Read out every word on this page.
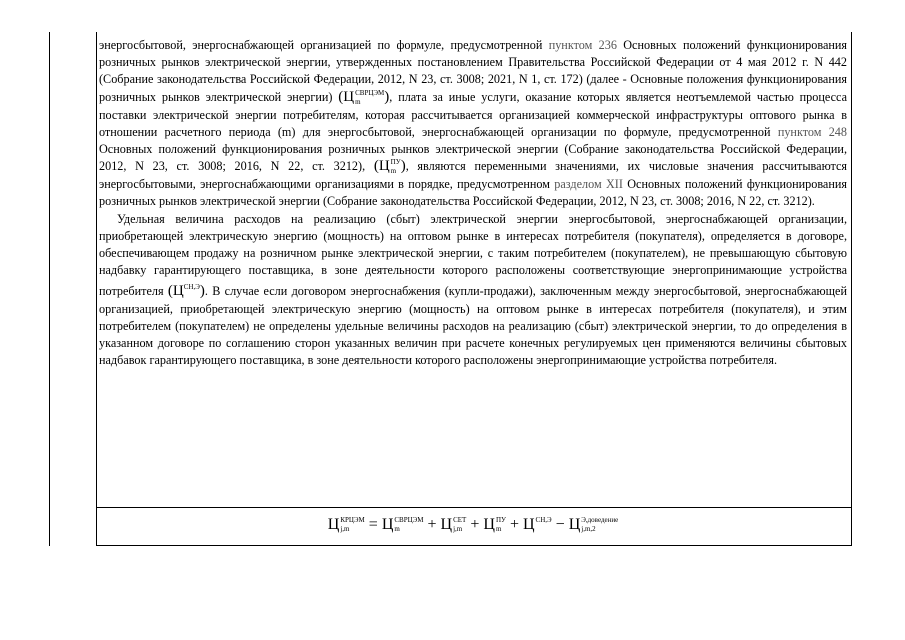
энергосбытовой, энергоснабжающей организацией по формуле, предусмотренной пунктом 236 Основных положений функционирования розничных рынков электрической энергии, утвержденных постановлением Правительства Российской Федерации от 4 мая 2012 г. N 442 (Собрание законодательства Российской Федерации, 2012, N 23, ст. 3008; 2021, N 1, ст. 172) (далее - Основные положения функционирования розничных рынков электрической энергии) (ЦСВРЦЭМ
m ), плата за иные услуги, оказание которых является неотъемлемой частью процесса поставки электрической энергии потребителям, которая рассчитывается организацией коммерческой инфраструктуры оптового рынка в отношении расчетного периода (m) для энергосбытовой, энергоснабжающей организации по формуле, предусмотренной пунктом 248 Основных положений функционирования розничных рынков электрической энергии (Собрание законодательства Российской Федерации, 2012, N 23, ст. 3008; 2016, N 22, ст. 3212), (ЦПУ
m ), являются переменными значениями, их числовые значения рассчитываются энергосбытовыми, энергоснабжающими организациями в порядке, предусмотренном разделом XII Основных положений функционирования розничных рынков электрической энергии (Собрание законодательства Российской Федерации, 2012, N 23, ст. 3008; 2016, N 22, ст. 3212).

Удельная величина расходов на реализацию (сбыт) электрической энергии энергосбытовой, энергоснабжающей организации, приобретающей электрическую энергию (мощность) на оптовом рынке в интересах потребителя (покупателя), определяется в договоре, обеспечивающем продажу на розничном рынке электрической энергии, с таким потребителем (покупателем), не превышающую сбытовую надбавку гарантирующего поставщика, в зоне деятельности которого расположены соответствующие энергопринимающие устройства потребителя $(Ц^{СН,Э})$. В случае если договором энергоснабжения (купли-продажи), заключенным между энергосбытовой, энергоснабжающей организацией, приобретающей электрическую энергию (мощность) на оптовом рынке в интересах потребителя (покупателя), и этим потребителем (покупателем) не определены удельные величины расходов на реализацию (сбыт) электрической энергии, то до определения в указанном договоре по соглашению сторон указанных величин при расчете конечных регулируемых цен применяются величины сбытовых надбавок гарантирующего поставщика, в зоне деятельности которого расположены энергопринимающие устройства потребителя.

ЦКРЦЭМ
j,m = ЦСВРЦЭМ
m + ЦСЕТ
j,m + ЦПУ
m + ЦСН,Э
− ЦЭ,доведение
j,m,2
